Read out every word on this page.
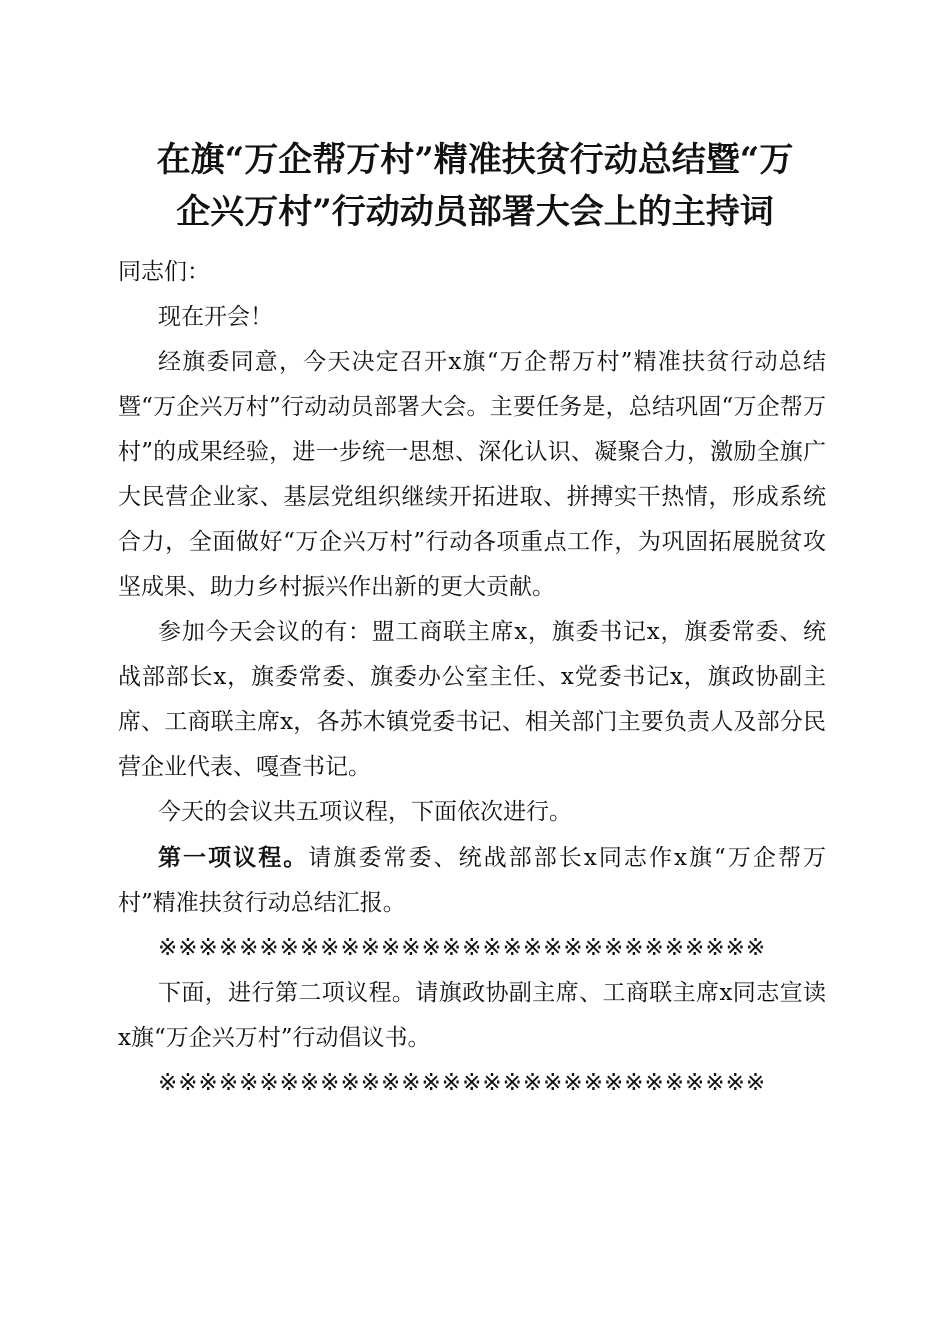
在旗“万企帮万村”精准扶贫行动总结暨“万
企兴万村”行动动员部署大会上的主持词

同志们：

现在开会！

经旗委同意，今天决定召开x旗“万企帮万村”精准扶贫行动总结暨“万企兴万村”行动动员部署大会。主要任务是，总结巩固“万企帮万村”的成果经验，进一步统一思想、深化认识、凝聚合力，激励全旗广大民营企业家、基层党组织继续开拓进取、拼搏实干热情，形成系统合力，全面做好“万企兴万村”行动各项重点工作，为巩固拓展脱贫攻坚成果、助力乡村振兴作出新的更大贡献。

参加今天会议的有：盟工商联主席x，旗委书记x，旗委常委、统战部部长x，旗委常委、旗委办公室主任、x党委书记x，旗政协副主席、工商联主席x，各苏木镇党委书记、相关部门主要负责人及部分民营企业代表、嘎查书记。

今天的会议共五项议程，下面依次进行。

第一项议程。请旗委常委、统战部部长x同志作x旗“万企帮万村”精准扶贫行动总结汇报。

※※※※※※※※※※※※※※※※※※※※※※※※※※※※※※

下面，进行第二项议程。请旗政协副主席、工商联主席x同志宣读x旗“万企兴万村”行动倡议书。

※※※※※※※※※※※※※※※※※※※※※※※※※※※※※※
